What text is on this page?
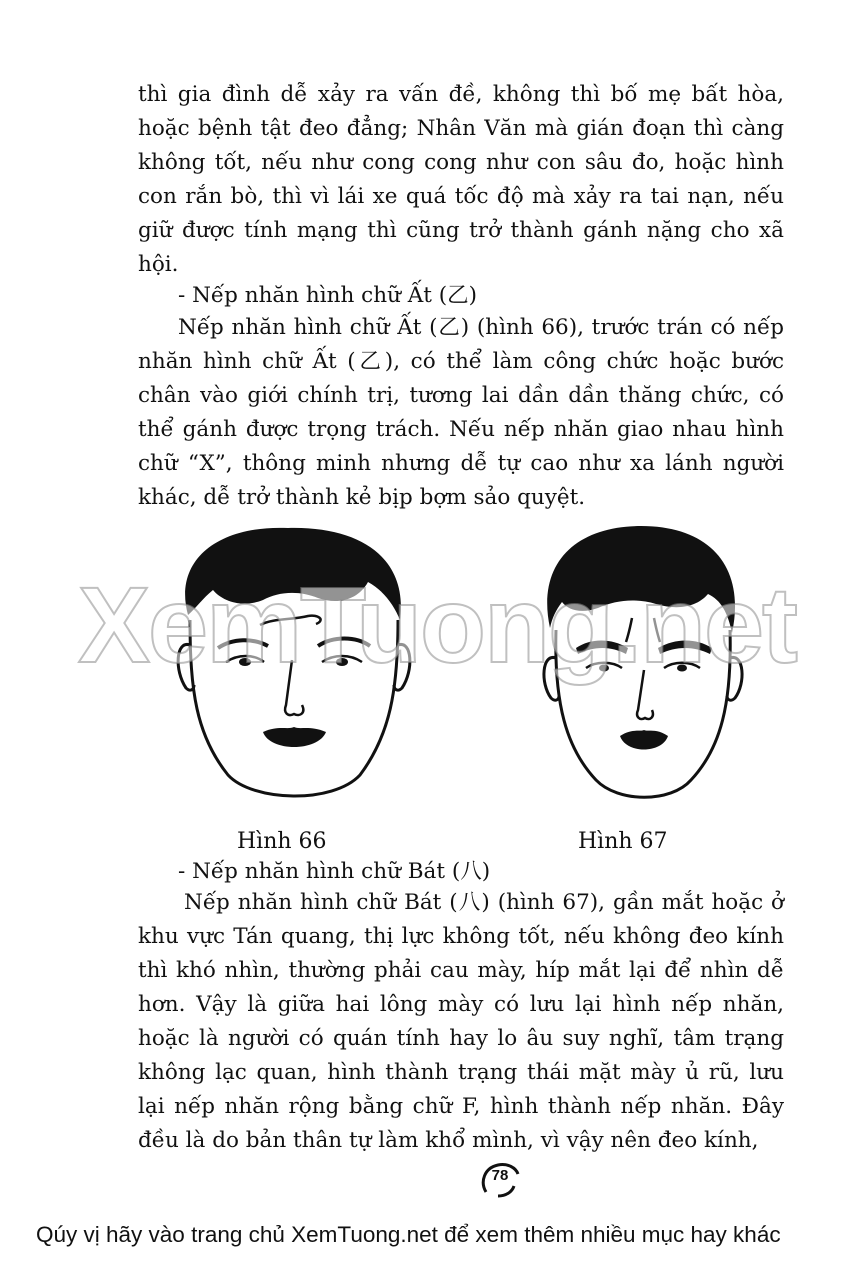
thì gia đình dễ xảy ra vấn đề, không thì bố mẹ bất hòa, hoặc bệnh tật đeo đẳng; Nhân Văn mà gián đoạn thì càng không tốt, nếu như cong cong như con sâu đo, hoặc hình con rắn bò, thì vì lái xe quá tốc độ mà xảy ra tai nạn, nếu giữ được tính mạng thì cũng trở thành gánh nặng cho xã hội.

- Nếp nhăn hình chữ Ất (乙)

Nếp nhăn hình chữ Ất (乙) (hình 66), trước trán có nếp nhăn hình chữ Ất (乙), có thể làm công chức hoặc bước chân vào giới chính trị, tương lai dần dần thăng chức, có thể gánh được trọng trách. Nếu nếp nhăn giao nhau hình chữ “X”, thông minh nhưng dễ tự cao như xa lánh người khác, dễ trở thành kẻ bịp bợm sảo quyệt.

XemTuong.net
Hình 66	Hình 67
- Nếp nhăn hình chữ Bát (八)

Nếp nhăn hình chữ Bát (八) (hình 67), gần mắt hoặc ở khu vực Tán quang, thị lực không tốt, nếu không đeo kính thì khó nhìn, thường phải cau mày, híp mắt lại để nhìn dễ hơn. Vậy là giữa hai lông mày có lưu lại hình nếp nhăn, hoặc là người có quán tính hay lo âu suy nghĩ, tâm trạng không lạc quan, hình thành trạng thái mặt mày ủ rũ, lưu lại nếp nhăn rộng bằng chữ F, hình thành nếp nhăn. Đây đều là do bản thân tự làm khổ mình, vì vậy nên đeo kính,

78
Qúy vị hãy vào trang chủ XemTuong.net để xem thêm nhiều mục hay khác
